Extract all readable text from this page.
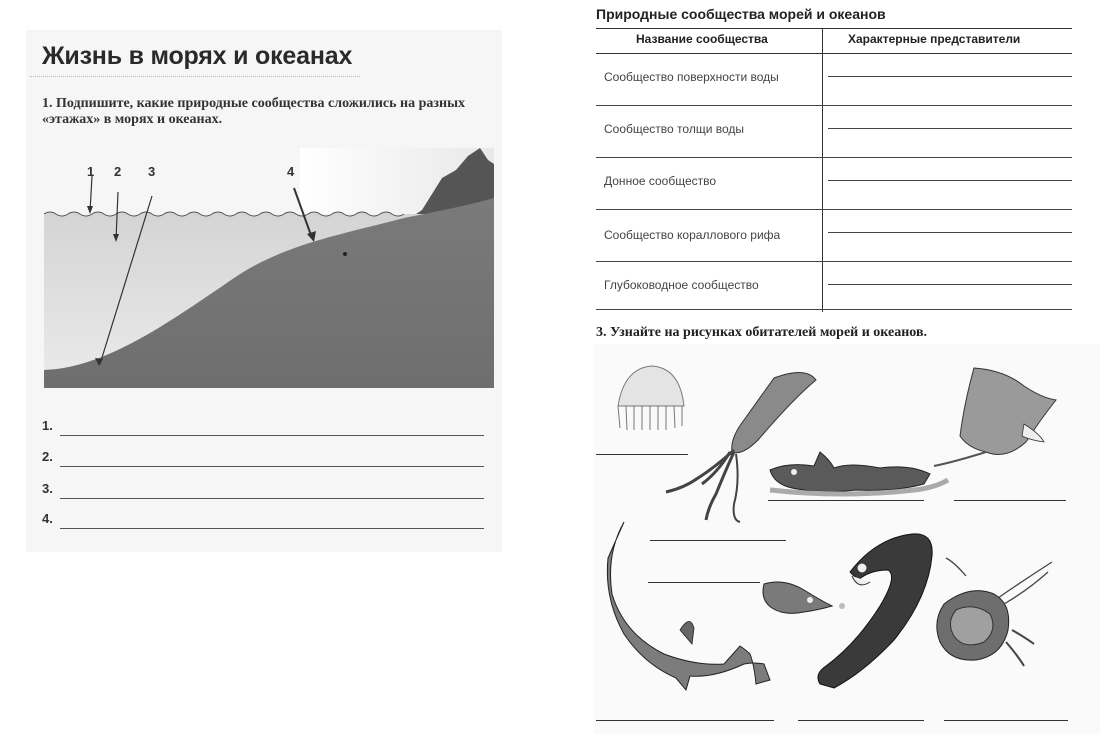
Жизнь в морях и океанах
1. Подпишите, какие природные сообщества сложились на разных «этажах» в морях и океанах.
1 2 3	4
1.
2.
3.
4.
Природные сообщества морей и океанов
Название сообщества	Характерные представители
Сообщество поверхности воды
Сообщество толщи воды
Донное сообщество
Сообщество кораллового рифа
Глубоководное сообщество
3. Узнайте на рисунках обитателей морей и океанов.
